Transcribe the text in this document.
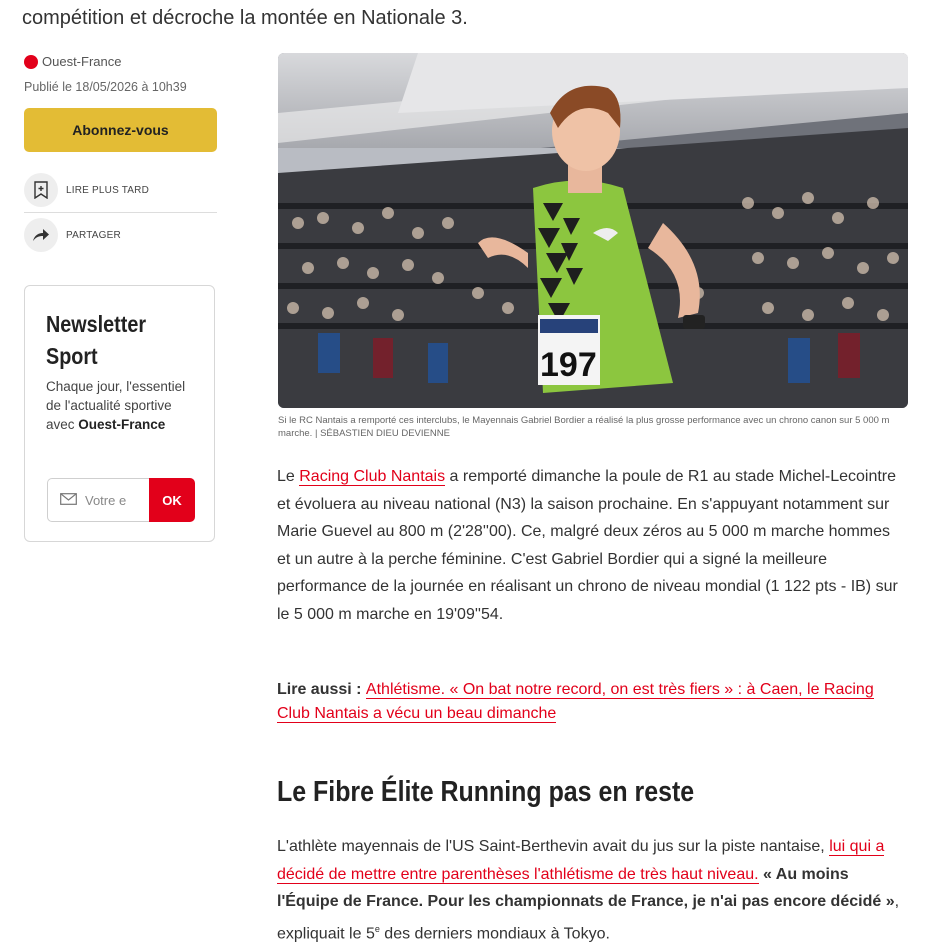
compétition et décroche la montée en Nationale 3.
Ouest-France
Publié le 18/05/2026 à 10h39
Abonnez-vous
LIRE PLUS TARD
PARTAGER
Newsletter Sport
Chaque jour, l'essentiel de l'actualité sportive avec Ouest-France
Votre e	OK
197
Si le RC Nantais a remporté ces interclubs, le Mayennais Gabriel Bordier a réalisé la plus grosse performance avec un chrono canon sur 5 000 m marche. | SÉBASTIEN DIEU DEVIENNE
Le Racing Club Nantais a remporté dimanche la poule de R1 au stade Michel-Lecointre et évoluera au niveau national (N3) la saison prochaine. En s'appuyant notamment sur Marie Guevel au 800 m (2'28''00). Ce, malgré deux zéros au 5 000 m marche hommes et un autre à la perche féminine. C'est Gabriel Bordier qui a signé la meilleure performance de la journée en réalisant un chrono de niveau mondial (1 122 pts - IB) sur le 5 000 m marche en 19'09''54.
Lire aussi : Athlétisme. « On bat notre record, on est très fiers » : à Caen, le Racing Club Nantais a vécu un beau dimanche
Le Fibre Élite Running pas en reste
L'athlète mayennais de l'US Saint-Berthevin avait du jus sur la piste nantaise, lui qui a décidé de mettre entre parenthèses l'athlétisme de très haut niveau. « Au moins l'Équipe de France. Pour les championnats de France, je n'ai pas encore décidé », expliquait le 5e des derniers mondiaux à Tokyo.
